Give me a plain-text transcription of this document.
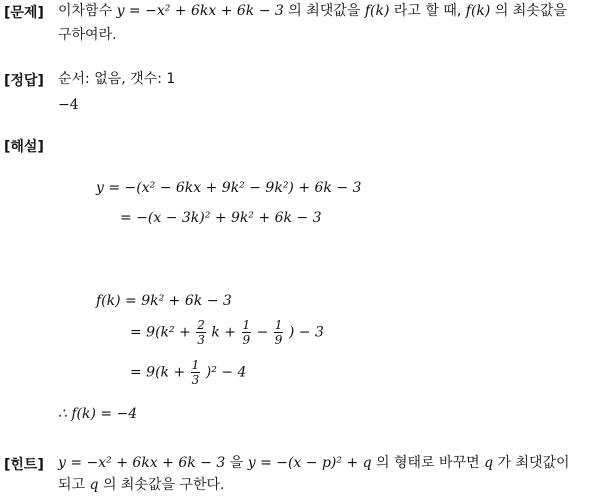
[문제] 이차함수 y = −x² + 6kx + 6k − 3 의 최댓값을 f(k) 라고 할 때, f(k) 의 최솟값을
구하여라.
[정답] 순서: 없음, 갯수: 1
−4
[해설]
y = −(x² − 6kx + 9k² − 9k²) + 6k − 3
= −(x − 3k)² + 9k² + 6k − 3
f(k) = 9k² + 6k − 3
= $9(k^2 + \frac{2}{3}$ $k + \frac{1}{9} - \frac{1}{9}$ ) − 3
= $9(k + \frac{1}{3} )^2 - 4$
∴ f(k) = −4
[힌트] y = −x² + 6kx + 6k − 3 을 y = −(x − p)² + q 의 형태로 바꾸면 q 가 최댓값이
되고 q 의 최솟값을 구한다.
